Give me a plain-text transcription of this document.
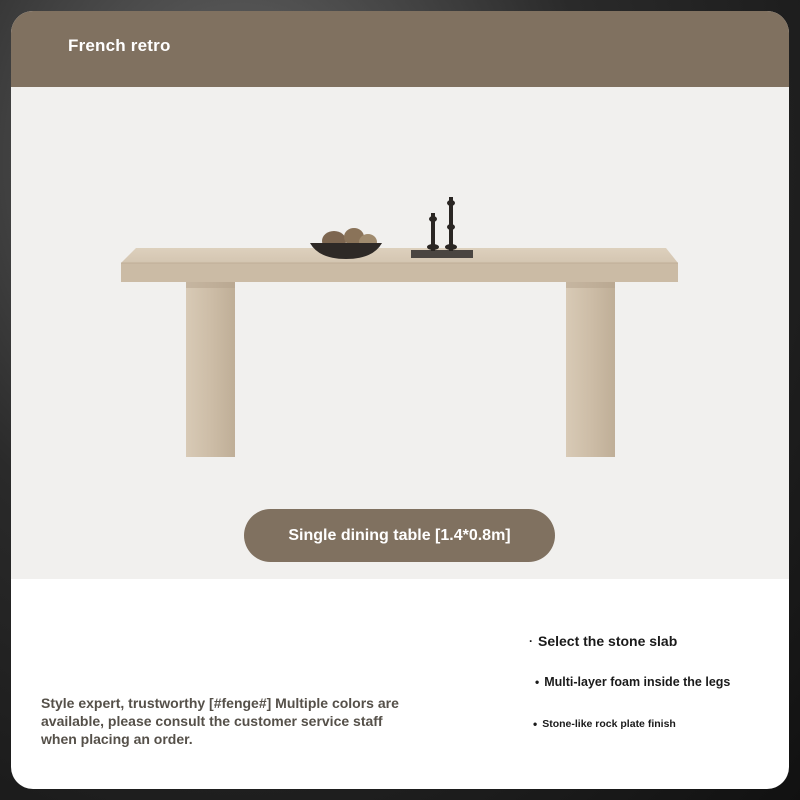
French retro
Single dining table [1.4*0.8m]
Style expert, trustworthy [#fenge#] Multiple colors are available, please consult the customer service staff when placing an order.
· Select the stone slab
• Multi-layer foam inside the legs
• Stone-like rock plate finish
